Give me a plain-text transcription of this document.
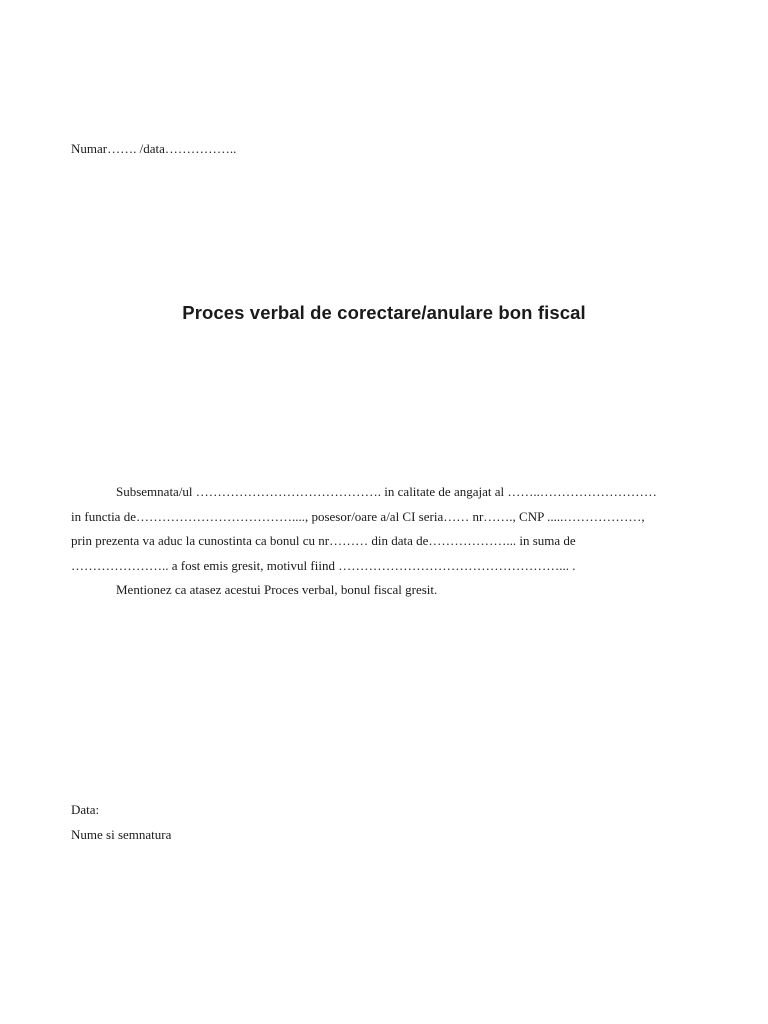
Numar……. /data……………..
Proces verbal de corectare/anulare bon fiscal
Subsemnata/ul ……………………………………. in calitate de angajat al ……..………………………
in functia de………………………………...., posesor/oare a/al CI seria…… nr……., CNP .....………………,
prin prezenta va aduc la cunostinta ca bonul cu nr……… din data de………………... in suma de
………………….. a fost emis gresit, motivul fiind ……………………………………………... .
Mentionez ca atasez acestui Proces verbal, bonul fiscal gresit.
Data:
Nume si semnatura
